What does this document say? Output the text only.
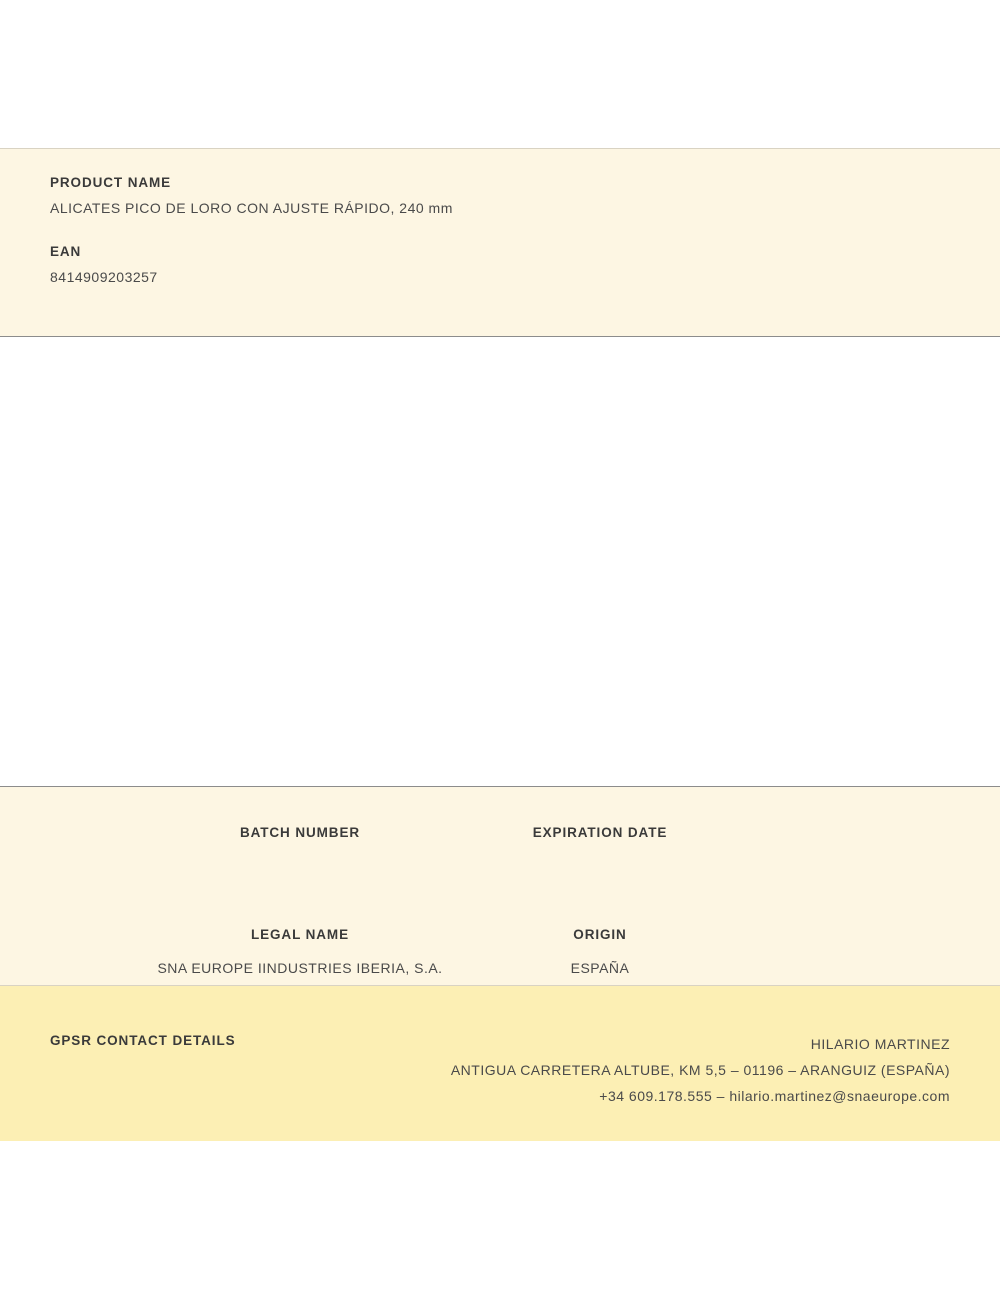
PRODUCT NAME

ALICATES PICO DE LORO CON AJUSTE RÁPIDO, 240 mm

EAN

8414909203257

BATCH NUMBER	EXPIRATION DATE

LEGAL NAME

SNA EUROPE IINDUSTRIES IBERIA, S.A.

ORIGIN

ESPAÑA

GPSR CONTACT DETAILS	HILARIO MARTINEZ
ANTIGUA CARRETERA ALTUBE, KM 5,5 – 01196 – ARANGUIZ (ESPAÑA)
+34 609.178.555 – hilario.martinez@snaeurope.com
